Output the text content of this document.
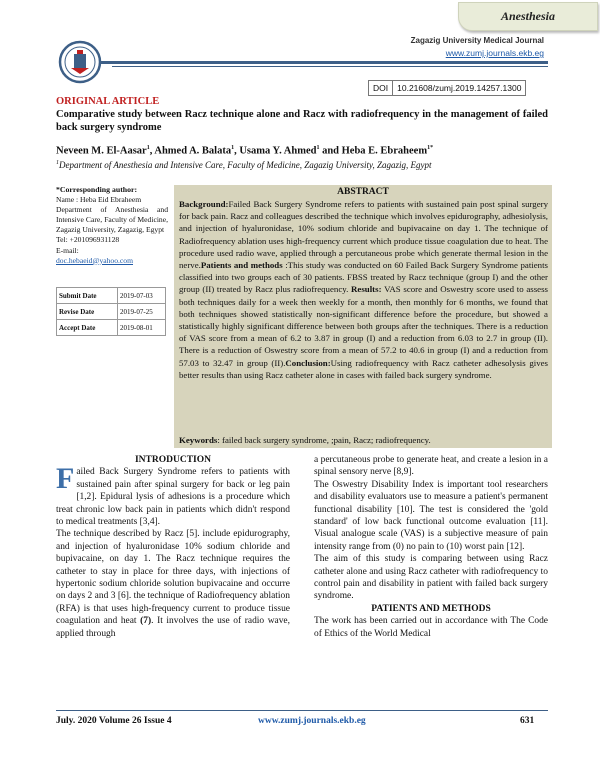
Anesthesia
Zagazig University Medical Journal
www.zumj.journals.ekb.eg
DOI	10.21608/zumj.2019.14257.1300
ORIGINAL ARTICLE
Comparative study between Racz technique alone and Racz with radiofrequency in the management of failed back surgery syndrome
Neveen M. El-Aasar$^1$, Ahmed A. Balata$^1$, Usama Y. Ahmed$^1$ and Heba E. Ebraheem$^{1*}$
$^1$Department of Anesthesia and Intensive Care, Faculty of Medicine, Zagazig University, Zagazig, Egypt
*Corresponding author:
Name : Heba Eid Ebraheem

Department of Anesthesia and Intensive Care, Faculty of Medicine, Zagazig University, Zagazig, Egypt
Tel: +201096931128
E-mail:
doc.hebaeid@yahoo.com
Submit Date	2019-07-03
Revise Date	2019-07-25
Accept Date	2019-08-01
ABSTRACT
Background:Failed Back Surgery Syndrome refers to patients with sustained pain post spinal surgery for back pain. Racz and colleagues described the technique which involves epidurography, adhesiolysis, and injection of hyaluronidase, 10% sodium chloride and bupivacaine on day 1. The technique of Radiofrequency ablation uses high-frequency current which produce tissue coagulation due to heat. The procedure used radio wave, applied through a percutaneous probe which generate thermal lesion in the nerve.Patients and methods :This study was conducted on 60 Failed Back Surgery Syndrome patients classified into two groups each of 30 patients. FBSS treated by Racz technique (group I) and the other group (II) treated by Racz plus radiofrequency. Results: VAS score and Oswestry score used to assess both techniques daily for a week then weekly for a month, then monthly for 6 months, we found that both techniques showed statistically non-significant difference before the procedure, but showed a statistically highly significant difference between both groups after the techniques. There is a reduction of VAS score from a mean of 6.2 to 3.87 in group (I) and a reduction from 6.03 to 2.7 in group (II). There is a reduction of Oswestry score from a mean of 57.2 to 40.6 in group (I) and a reduction from 57.03 to 32.47 in group (II).Conclusion:Using radiofrequency with Racz catheter adhesolysis gives better results than using Racz catheter alone in cases with failed back surgery syndrome.
Keywords: failed back surgery syndrome, ;pain, Racz; radiofrequency.

INTRODUCTION

Failed Back Surgery Syndrome refers to patients with sustained pain after spinal surgery for back or leg pain [1,2]. Epidural lysis of adhesions is a procedure which treat chronic low back pain in patients which didn't respond to medical treatments [3,4].

The technique described by Racz [5]. include epidurography, and injection of hyaluronidase 10% sodium chloride and bupivacaine, on day 1. The Racz technique requires the catheter to stay in place for three days, with injections of hypertonic sodium chloride solution bupivacaine and occurre on days 2 and 3 [6]. the technique of Radiofrequency ablation (RFA) is that uses high-frequency current to produce tissue coagulation and heat (7). It involves the use of radio wave, applied through

a percutaneous probe to generate heat, and create a lesion in a spinal sensory nerve [8,9].

The Oswestry Disability Index is important tool researchers and disability evaluators use to measure a patient's permanent functional disability [10]. The test is considered the 'gold standard' of low back functional outcome evaluation [11]. Visual analogue scale (VAS) is a subjective measure of pain intensity range from (0) no pain to (10) worst pain [12].

The aim of this study is comparing between using Racz catheter alone and using Racz catheter with radiofrequency to control pain and disability in patient with failed back surgery syndrome.

PATIENTS AND METHODS

The work has been carried out in accordance with The Code of Ethics of the World Medical

July. 2020 Volume 26 Issue 4	www.zumj.journals.ekb.eg	631
